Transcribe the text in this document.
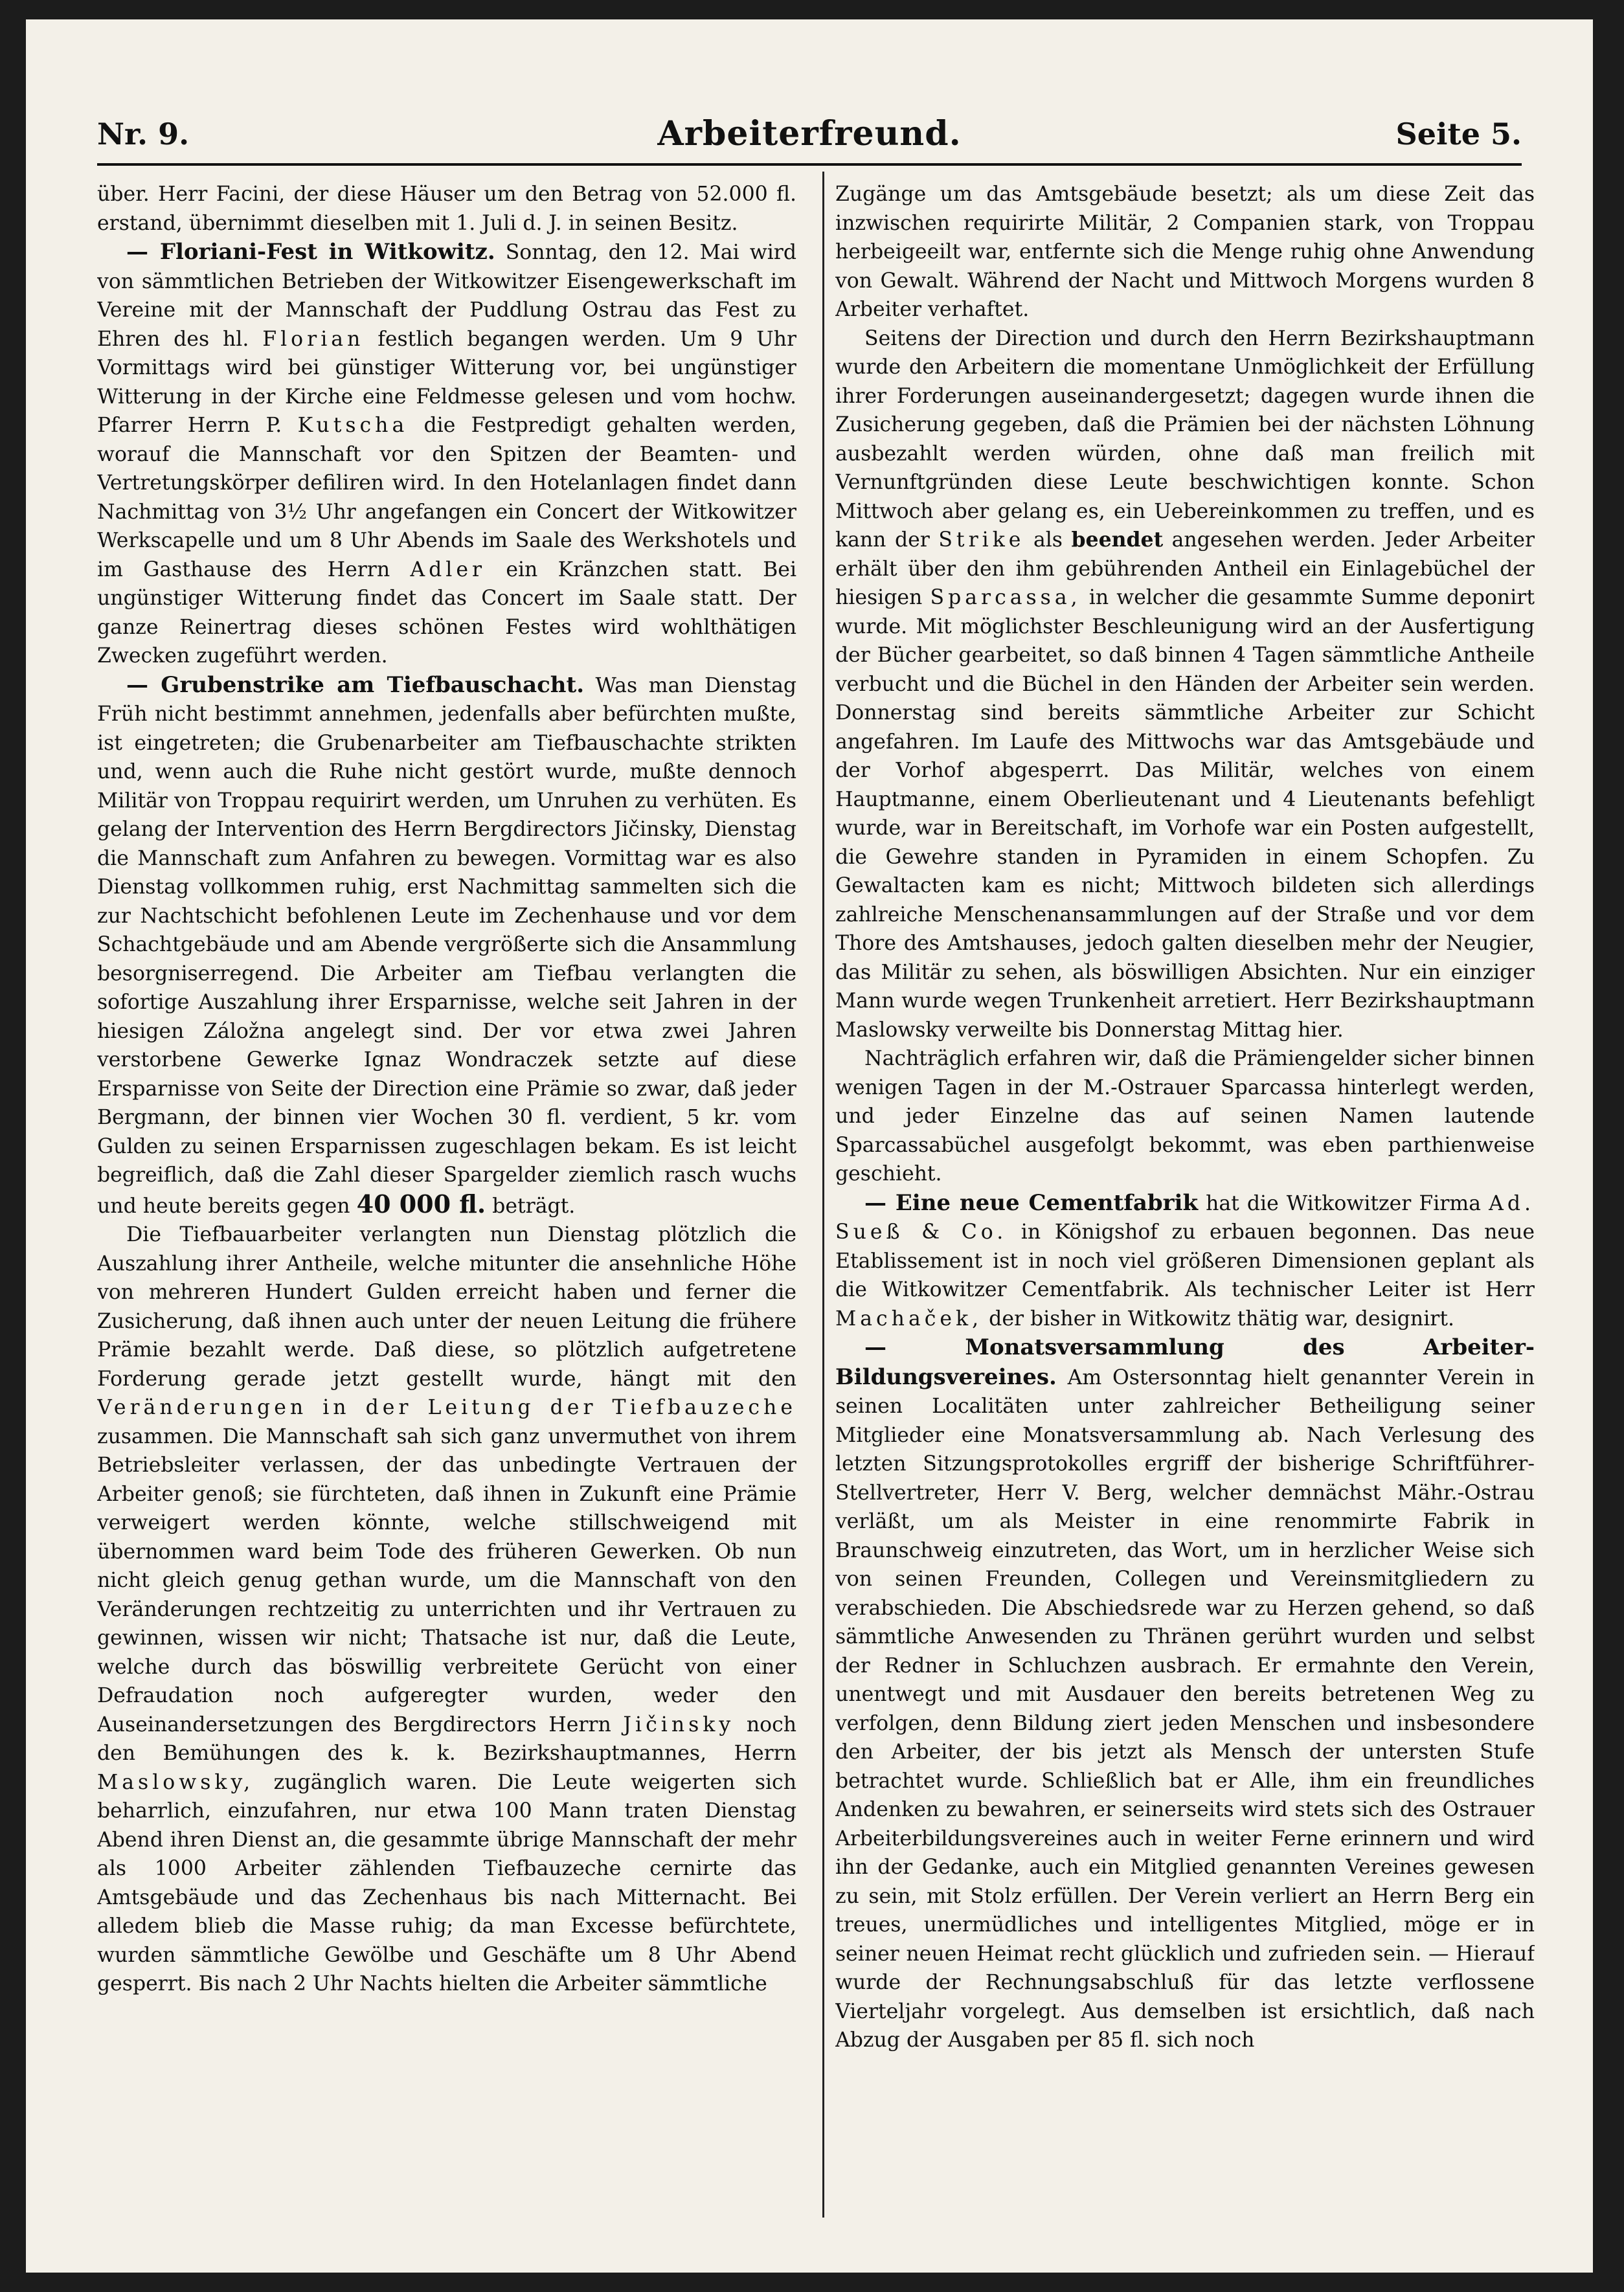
Nr. 9.	Arbeiterfreund.	Seite 5.

über. Herr Facini, der diese Häuser um den Betrag von 52.000 fl. erstand, übernimmt dieselben mit 1. Juli d. J. in seinen Besitz.

— Floriani-Fest in Witkowitz. Sonntag, den 12. Mai wird von sämmtlichen Betrieben der Witkowitzer Eisengewerkschaft im Vereine mit der Mannschaft der Puddlung Ostrau das Fest zu Ehren des hl. Florian festlich begangen werden. Um 9 Uhr Vormittags wird bei günstiger Witterung vor, bei ungünstiger Witterung in der Kirche eine Feldmesse gelesen und vom hochw. Pfarrer Herrn P. Kutscha die Festpredigt gehalten werden, worauf die Mannschaft vor den Spitzen der Beamten- und Vertretungskörper defiliren wird. In den Hotelanlagen findet dann Nachmittag von 3½ Uhr angefangen ein Concert der Witkowitzer Werkscapelle und um 8 Uhr Abends im Saale des Werkshotels und im Gasthause des Herrn Adler ein Kränzchen statt. Bei ungünstiger Witterung findet das Concert im Saale statt. Der ganze Reinertrag dieses schönen Festes wird wohlthätigen Zwecken zugeführt werden.

— Grubenstrike am Tiefbauschacht. Was man Dienstag Früh nicht bestimmt annehmen, jedenfalls aber befürchten mußte, ist eingetreten; die Grubenarbeiter am Tiefbauschachte strikten und, wenn auch die Ruhe nicht gestört wurde, mußte dennoch Militär von Troppau requirirt werden, um Unruhen zu verhüten. Es gelang der Intervention des Herrn Bergdirectors Jičinsky, Dienstag die Mannschaft zum Anfahren zu bewegen. Vormittag war es also Dienstag vollkommen ruhig, erst Nachmittag sammelten sich die zur Nachtschicht befohlenen Leute im Zechenhause und vor dem Schachtgebäude und am Abende vergrößerte sich die Ansammlung besorgniserregend. Die Arbeiter am Tiefbau verlangten die sofortige Auszahlung ihrer Ersparnisse, welche seit Jahren in der hiesigen Záložna angelegt sind. Der vor etwa zwei Jahren verstorbene Gewerke Ignaz Wondraczek setzte auf diese Ersparnisse von Seite der Direction eine Prämie so zwar, daß jeder Bergmann, der binnen vier Wochen 30 fl. verdient, 5 kr. vom Gulden zu seinen Ersparnissen zugeschlagen bekam. Es ist leicht begreiflich, daß die Zahl dieser Spargelder ziemlich rasch wuchs und heute bereits gegen 40 000 fl. beträgt.

Die Tiefbauarbeiter verlangten nun Dienstag plötzlich die Auszahlung ihrer Antheile, welche mitunter die ansehnliche Höhe von mehreren Hundert Gulden erreicht haben und ferner die Zusicherung, daß ihnen auch unter der neuen Leitung die frühere Prämie bezahlt werde. Daß diese, so plötzlich aufgetretene Forderung gerade jetzt gestellt wurde, hängt mit den Veränderungen in der Leitung der Tiefbauzeche zusammen. Die Mannschaft sah sich ganz unvermuthet von ihrem Betriebsleiter verlassen, der das unbedingte Vertrauen der Arbeiter genoß; sie fürchteten, daß ihnen in Zukunft eine Prämie verweigert werden könnte, welche stillschweigend mit übernommen ward beim Tode des früheren Gewerken. Ob nun nicht gleich genug gethan wurde, um die Mannschaft von den Veränderungen rechtzeitig zu unterrichten und ihr Vertrauen zu gewinnen, wissen wir nicht; Thatsache ist nur, daß die Leute, welche durch das böswillig verbreitete Gerücht von einer Defraudation noch aufgeregter wurden, weder den Auseinandersetzungen des Bergdirectors Herrn Jičinsky noch den Bemühungen des k. k. Bezirkshauptmannes, Herrn Maslowsky, zugänglich waren. Die Leute weigerten sich beharrlich, einzufahren, nur etwa 100 Mann traten Dienstag Abend ihren Dienst an, die gesammte übrige Mannschaft der mehr als 1000 Arbeiter zählenden Tiefbauzeche cernirte das Amtsgebäude und das Zechenhaus bis nach Mitternacht. Bei alledem blieb die Masse ruhig; da man Excesse befürchtete, wurden sämmtliche Gewölbe und Geschäfte um 8 Uhr Abend gesperrt. Bis nach 2 Uhr Nachts hielten die Arbeiter sämmtliche

Zugänge um das Amtsgebäude besetzt; als um diese Zeit das inzwischen requirirte Militär, 2 Companien stark, von Troppau herbeigeeilt war, entfernte sich die Menge ruhig ohne Anwendung von Gewalt. Während der Nacht und Mittwoch Morgens wurden 8 Arbeiter verhaftet.

Seitens der Direction und durch den Herrn Bezirkshauptmann wurde den Arbeitern die momentane Unmöglichkeit der Erfüllung ihrer Forderungen auseinandergesetzt; dagegen wurde ihnen die Zusicherung gegeben, daß die Prämien bei der nächsten Löhnung ausbezahlt werden würden, ohne daß man freilich mit Vernunftgründen diese Leute beschwichtigen konnte. Schon Mittwoch aber gelang es, ein Uebereinkommen zu treffen, und es kann der Strike als beendet angesehen werden. Jeder Arbeiter erhält über den ihm gebührenden Antheil ein Einlagebüchel der hiesigen Sparcassa, in welcher die gesammte Summe deponirt wurde. Mit möglichster Beschleunigung wird an der Ausfertigung der Bücher gearbeitet, so daß binnen 4 Tagen sämmtliche Antheile verbucht und die Büchel in den Händen der Arbeiter sein werden. Donnerstag sind bereits sämmtliche Arbeiter zur Schicht angefahren. Im Laufe des Mittwochs war das Amtsgebäude und der Vorhof abgesperrt. Das Militär, welches von einem Hauptmanne, einem Oberlieutenant und 4 Lieutenants befehligt wurde, war in Bereitschaft, im Vorhofe war ein Posten aufgestellt, die Gewehre standen in Pyramiden in einem Schopfen. Zu Gewaltacten kam es nicht; Mittwoch bildeten sich allerdings zahlreiche Menschenansammlungen auf der Straße und vor dem Thore des Amtshauses, jedoch galten dieselben mehr der Neugier, das Militär zu sehen, als böswilligen Absichten. Nur ein einziger Mann wurde wegen Trunkenheit arretiert. Herr Bezirkshauptmann Maslowsky verweilte bis Donnerstag Mittag hier.

Nachträglich erfahren wir, daß die Prämiengelder sicher binnen wenigen Tagen in der M.-Ostrauer Sparcassa hinterlegt werden, und jeder Einzelne das auf seinen Namen lautende Sparcassabüchel ausgefolgt bekommt, was eben parthienweise geschieht.

— Eine neue Cementfabrik hat die Witkowitzer Firma Ad. Sueß & Co. in Königshof zu erbauen begonnen. Das neue Etablissement ist in noch viel größeren Dimensionen geplant als die Witkowitzer Cementfabrik. Als technischer Leiter ist Herr Machaček, der bisher in Witkowitz thätig war, designirt.

— Monatsversammlung des Arbeiter-Bildungsvereines. Am Ostersonntag hielt genannter Verein in seinen Localitäten unter zahlreicher Betheiligung seiner Mitglieder eine Monatsversammlung ab. Nach Verlesung des letzten Sitzungsprotokolles ergriff der bisherige Schriftführer-Stellvertreter, Herr V. Berg, welcher demnächst Mähr.-Ostrau verläßt, um als Meister in eine renommirte Fabrik in Braunschweig einzutreten, das Wort, um in herzlicher Weise sich von seinen Freunden, Collegen und Vereinsmitgliedern zu verabschieden. Die Abschiedsrede war zu Herzen gehend, so daß sämmtliche Anwesenden zu Thränen gerührt wurden und selbst der Redner in Schluchzen ausbrach. Er ermahnte den Verein, unentwegt und mit Ausdauer den bereits betretenen Weg zu verfolgen, denn Bildung ziert jeden Menschen und insbesondere den Arbeiter, der bis jetzt als Mensch der untersten Stufe betrachtet wurde. Schließlich bat er Alle, ihm ein freundliches Andenken zu bewahren, er seinerseits wird stets sich des Ostrauer Arbeiterbildungsvereines auch in weiter Ferne erinnern und wird ihn der Gedanke, auch ein Mitglied genannten Vereines gewesen zu sein, mit Stolz erfüllen. Der Verein verliert an Herrn Berg ein treues, unermüdliches und intelligentes Mitglied, möge er in seiner neuen Heimat recht glücklich und zufrieden sein. — Hierauf wurde der Rechnungsabschluß für das letzte verflossene Vierteljahr vorgelegt. Aus demselben ist ersichtlich, daß nach Abzug der Ausgaben per 85 fl. sich noch
